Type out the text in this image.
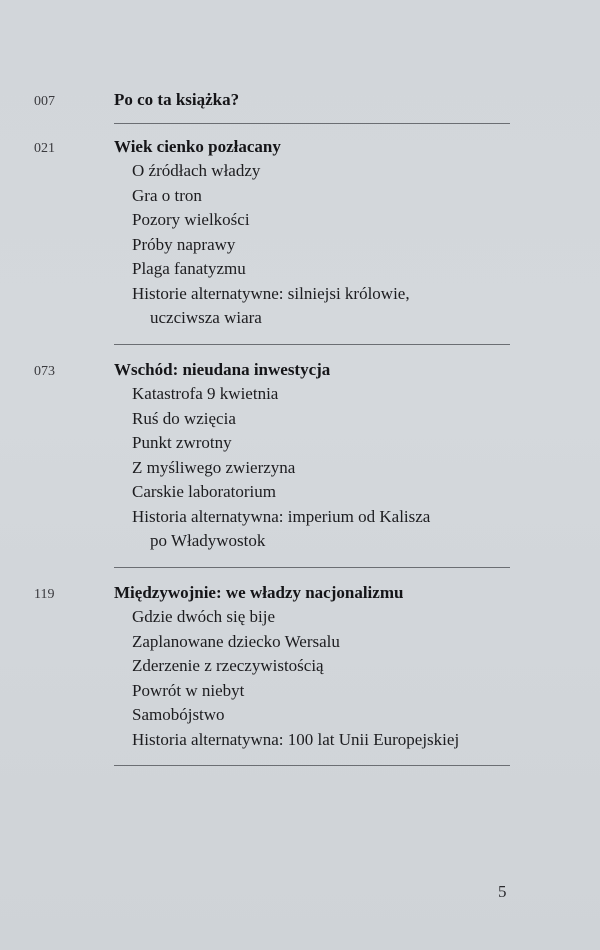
007	Po co ta książka?
021	Wiek cienko pozłacany
O źródłach władzy
Gra o tron
Pozory wielkości
Próby naprawy
Plaga fanatyzmu
Historie alternatywne: silniejsi królowie,
uczciwsza wiara
073	Wschód: nieudana inwestycja
Katastrofa 9 kwietnia
Ruś do wzięcia
Punkt zwrotny
Z myśliwego zwierzyna
Carskie laboratorium
Historia alternatywna: imperium od Kalisza
po Władywostok
119	Międzywojnie: we władzy nacjonalizmu
Gdzie dwóch się bije
Zaplanowane dziecko Wersalu
Zderzenie z rzeczywistością
Powrót w niebyt
Samobójstwo
Historia alternatywna: 100 lat Unii Europejskiej
5
